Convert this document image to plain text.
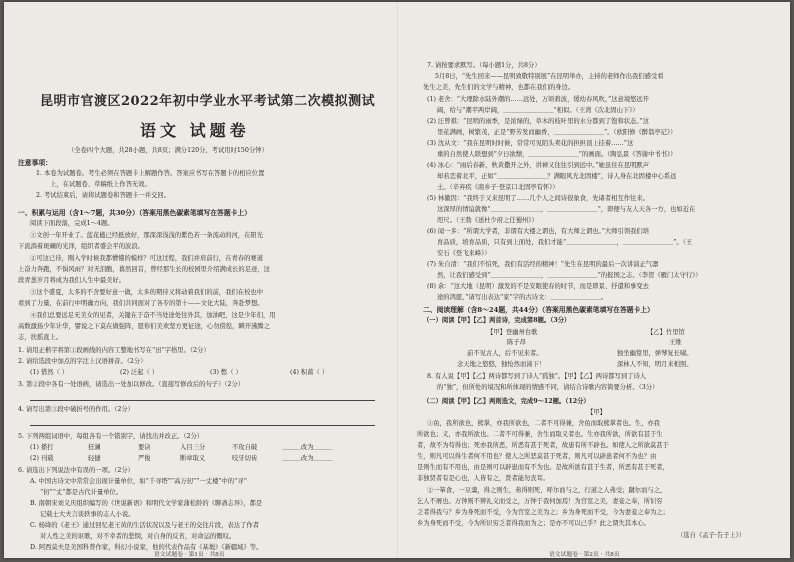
昆明市官渡区2022年初中学业水平考试第二次模拟测试
语文 试题卷
（全卷四个大题，共28小题，共8页；满分120分，考试用时150分钟）
注意事项：
1. 本卷为试题卷。考生必须在答题卡上解题作答。答案应书写在答题卡的相应位置
上，在试题卷、草稿纸上作答无效。
2. 考试结束后，请将试题卷和答题卡一并交回。
一、积累与运用（含1～7题，共30分）（答案用黑色碳素笔填写在答题卡上）
阅读下面段落，完成1～4题。
①文创一年开业了。蓝花楹已经抵放好，那深深浅浅的紫色若一条流动的河，在阳光
下流淌着斑斓的光泽，组织者盛会平的波浪。
②可这已待，刚入学时候我都懵懂的模样？可这过程，我们并肩前行，在青春的赛道
上奋力奔跑，不惧风雨？对无泪酸，暮然回首，曾经那生长的校园里介绍满成长的足迹，这
段青葱岁月将成为我们人生中最美好。
③这个盛夏，太多的不舍要好意一做，太多的期待又将动着我们的前，我们在校也中
看到了力量，在前行中明确方向，我们共同面对了各专的第十——文化大陆，奔赴梦想。
④我们总要远足无美女的见者，关键在于奋不当处途处往外其，加油吧，这是少年们，用
高数激扬少年计华，譬说之下莫在做强阵，愿你们美欢坚方更征途，心勿傍徨，瞬开沸腾之
志，扶摇直上。
1. 请用正楷字将第①段画线的内容工整地书写在“田”字格里。（2分）
2. 请给选段中加点的字注上汉语拼音。（2分）
(1) 惜然（ ）	(2) 泛起（ ）	(3) 憋（ ）	(4) 积蓄（ ）
3. 第②段中各有一处语病，请选出一处加以修改。（直接写修改后的句子）（2分）
4. 请写出第③段中破折号的作用。（2分）
5. 下列两组词语中，每组各有一个错别字，请找出并改正。（2分）
(1) 搽打	狂澜	要诀	入目三分	不攻自破	＿＿＿改为＿＿＿
(2) 刊载	轻捷	严俊	断章取义	咬牙切齿	＿＿＿改为＿＿＿
6. 请选出下列说法中有误的一项。（2分）
A. 中国古诗文中常常会出现计量单位，如“千寻塔”“高万仞”“一丈楼”中的“寻”
“仞”“丈”都是古代计量单位。
B. 南朝宋刘义庆组织编写的《世说新语》和明代文学家蒲松龄的《聊斋志异》，都是
记载士大夫言谈轶事的志人小说。
C. 杨绛的《老王》通过回忆老王黄的生活状况以及与老王的交往片段，表达了作者
对人性之美的讴歌，对不幸者的悲悯，对自身的反省，对命运的慨叹。
D. 阿西莫夫是美国科普作家，科幻小说家，他的代表作品有《基地》《新疆域》等。
语文试题卷 · 第1页 · 共8页
7. 请按要求默写。（每小题1分，共8分）
5月8日，“先生回来——昆明致敬特别展”在昆明举办，主持的老师作出我们感受看
先生之美，先生们的文学与精神，也都在我们的身边。
(1) 老舍：“大理除水陆外潮的……远处，万顷碧波，缓幼春风吹，”这意境悠远开
阔，给与“潮平两岸阔，＿＿＿＿＿＿＿＿”相似。（王湾《次北固山下》）
(2) 汪曾祺：“昆明的雨季，是浓绿的，草木的枝叶里的水分都到了饱和状态。”这
里花满画，树繁茂，正是“野芳发而幽香，＿＿＿＿＿＿＿＿”。（欧阳修《醉翁亭记》）
(3) 沈从文：“我在昆明时时候，常常可见陌头卖花的担担顶上挂着……”这
重的自然使人联想到“夕日欲颓，＿＿＿＿＿＿＿＿”的画面。（陶弘景《答谢中书书》）
(4) 冰心：“雨后春新，秋黄撒开之外，讲禅又往往引到远中。”她虽住在昆明默声
却若恋着北平，正如“＿＿＿＿＿＿＿＿？满眼风光北固楼”，诗人身在北固楼中心系远
土。（辛弃疾《南乡子·登京口北固亭有怀》）
(5) 林徽因：“我终于又来昆明了……几个人之间诗很象食，先诸者相互作往来。
这深厚的情谊就像“＿＿＿＿＿＿＿＿，＿＿＿＿＿＿＿＿”，即便与友人天各一方，也如近在
咫尺。（王勃《送杜少府之任蜀州》）
(6) 闻一多：“所谓大学者，非谓有大楼之谓也，有大师之谓也。”大师引领我们培
育品质，培育品质，只有到上面处，我们才能“＿＿＿＿＿＿＿＿，＿＿＿＿＿＿＿＿”。（王
安石《登飞来峰》）
(7) 朱自清：“我们不怕死，我们有活经的精神！”先生在昆明的最后一次讲演正气凛
然，让我们感受到“＿＿＿＿＿＿＿＿，＿＿＿＿＿＿＿＿”的报国之志。（李贺《雁门太守行》）
(8) 余：“这大地（昆明）激发的不是安眠使春的时节，而是即景、抒遣和事变去
途的鸿愿，”请写出表达“家”字的古诗文：＿＿＿＿＿＿＿＿。
二、阅读理解（含8～24题，共44分）（答案用黑色碳素笔填写在答题卡上）
（一）阅读【甲】【乙】两首诗，完成第8题。（3分）
【甲】登幽州台歌	【乙】竹里馆
陈子昂	王维
前不见古人，后不见来者。	独坐幽篁里，弹琴复长啸。
念天地之悠悠，独怆然而涕下！	深林人不知，明月来相照。
8. 有人说【甲】【乙】两诗都写到了诗人“孤独”。【甲】【乙】两诗都写到了诗人
的“独”，但所处的境况和所体现的情感不同，请结合诗歌内容简要分析。（3分）
（二）阅读【甲】【乙】两则选文，完成9～12题。（12分）
【甲】
①鱼，我所欲也，熊掌，亦我所欲也，二者不可得兼，舍鱼而取熊掌者也。生，亦我
所欲也；义，亦我所欲也。二者不可得兼，舍生而取义者也。生亦我所欲，所欲有甚于生
者，故不为苟得也；死亦我所恶，所恶有甚于死者，故患有所不辟也。如使人之所欲莫甚于
生，则凡可以得生者何不用也？使人之所恶莫甚于死者，则凡可以辟患者何不为也？由
是则生而有不用也，由是则可以辟患而有不为也。是故所欲有甚于生者，所恶有甚于死者，
非独贤者有是心也，人皆有之，贤者能勿丧耳。
②一箪食，一豆羹，得之则生，弗得则死，呼尔而与之，行道之人弗受；蹴尔而与之，
乞人不屑也。万钟则不辨礼义而受之，万钟于我何加焉！为宫室之美，妻妾之奉，所识穷
乏者得我与？乡为身死而不受，今为宫室之美为之；乡为身死而不受，今为妻妾之奉为之；
乡为身死而不受，今为所识穷乏者得我而为之；是亦不可以已乎？此之谓失其本心。
（选自《孟子·告子上》）
语文试题卷 · 第2页 · 共8页
